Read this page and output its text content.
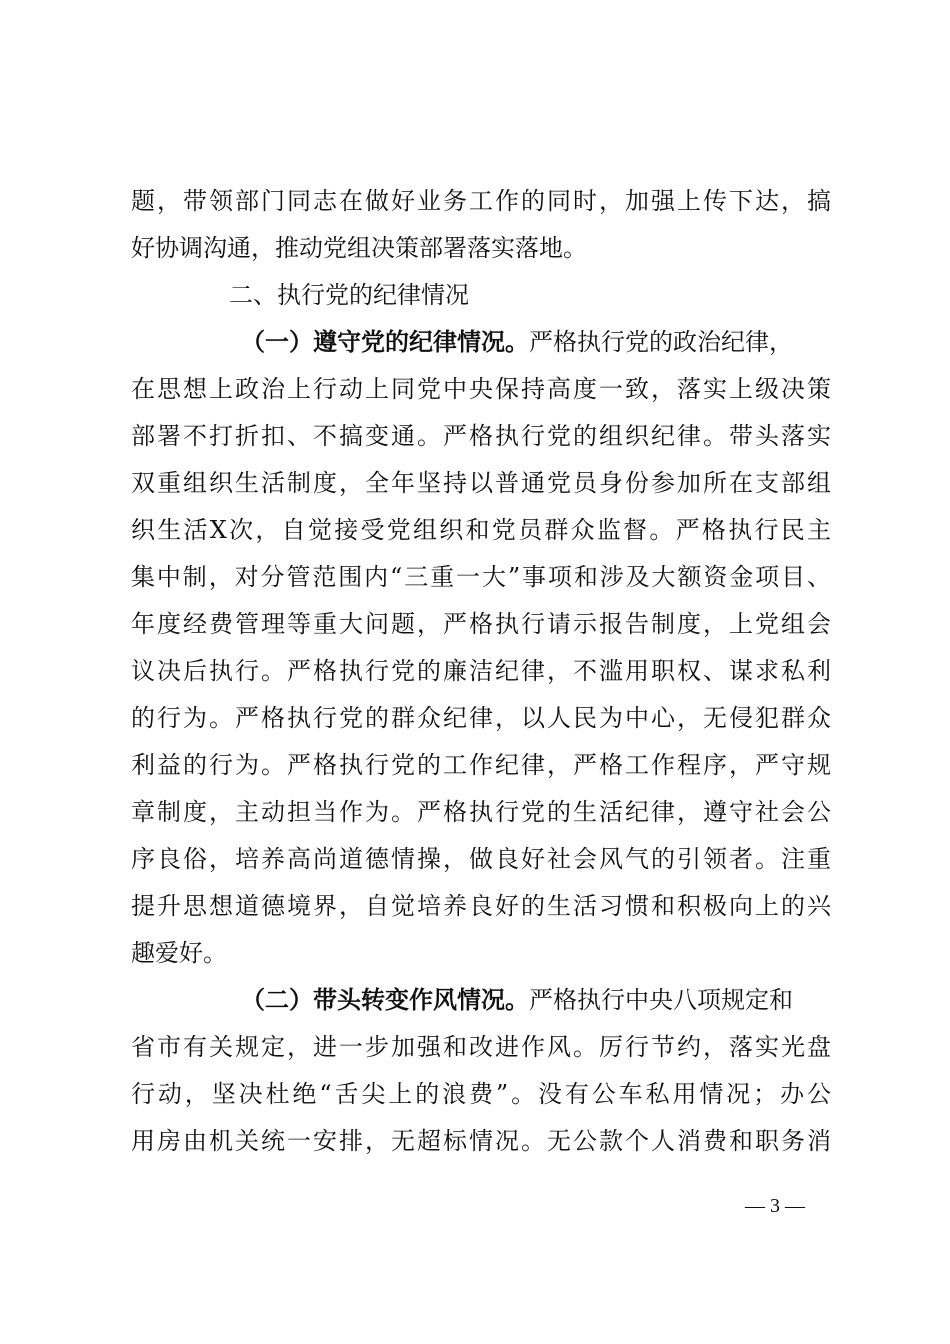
题，带领部门同志在做好业务工作的同时，加强上传下达，搞
好协调沟通，推动党组决策部署落实落地。
二、执行党的纪律情况
（一）遵守党的纪律情况。严格执行党的政治纪律，
在思想上政治上行动上同党中央保持高度一致，落实上级决策
部署不打折扣、不搞变通。严格执行党的组织纪律。带头落实
双重组织生活制度，全年坚持以普通党员身份参加所在支部组
织生活X次，自觉接受党组织和党员群众监督。严格执行民主
集中制，对分管范围内“三重一大”事项和涉及大额资金项目、
年度经费管理等重大问题，严格执行请示报告制度，上党组会
议决后执行。严格执行党的廉洁纪律，不滥用职权、谋求私利
的行为。严格执行党的群众纪律，以人民为中心，无侵犯群众
利益的行为。严格执行党的工作纪律，严格工作程序，严守规
章制度，主动担当作为。严格执行党的生活纪律，遵守社会公
序良俗，培养高尚道德情操，做良好社会风气的引领者。注重
提升思想道德境界，自觉培养良好的生活习惯和积极向上的兴
趣爱好。
（二）带头转变作风情况。严格执行中央八项规定和
省市有关规定，进一步加强和改进作风。厉行节约，落实光盘
行动，坚决杜绝“舌尖上的浪费”。没有公车私用情况；办公
用房由机关统一安排，无超标情况。无公款个人消费和职务消
— 3 —
